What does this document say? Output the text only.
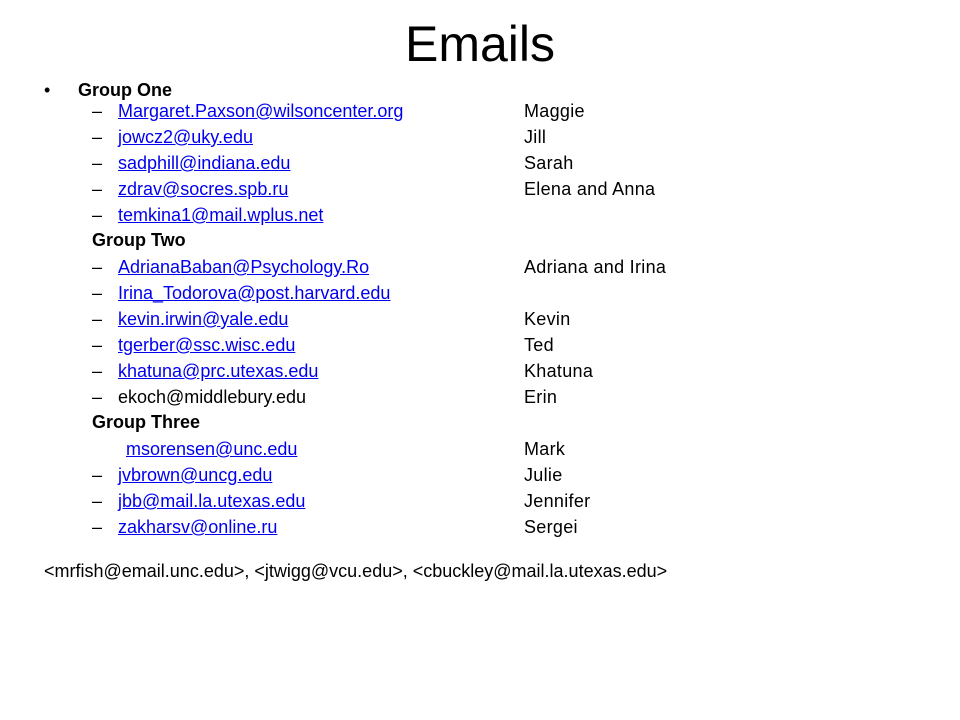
Emails
• Group One
– Margaret.Paxson@wilsoncenter.org	Maggie
– jowcz2@uky.edu	Jill
– sadphill@indiana.edu	Sarah
– zdrav@socres.spb.ru	Elena and Anna
– temkina1@mail.wplus.net
Group Two
– AdrianaBaban@Psychology.Ro	Adriana and Irina
– Irina_Todorova@post.harvard.edu
– kevin.irwin@yale.edu	Kevin
– tgerber@ssc.wisc.edu	Ted
– khatuna@prc.utexas.edu	Khatuna
– ekoch@middlebury.edu	Erin
Group Three
msorensen@unc.edu	Mark
– jvbrown@uncg.edu	Julie
– jbb@mail.la.utexas.edu	Jennifer
– zakharsv@online.ru	Sergei
<mrfish@email.unc.edu>, <jtwigg@vcu.edu>, <cbuckley@mail.la.utexas.edu>
